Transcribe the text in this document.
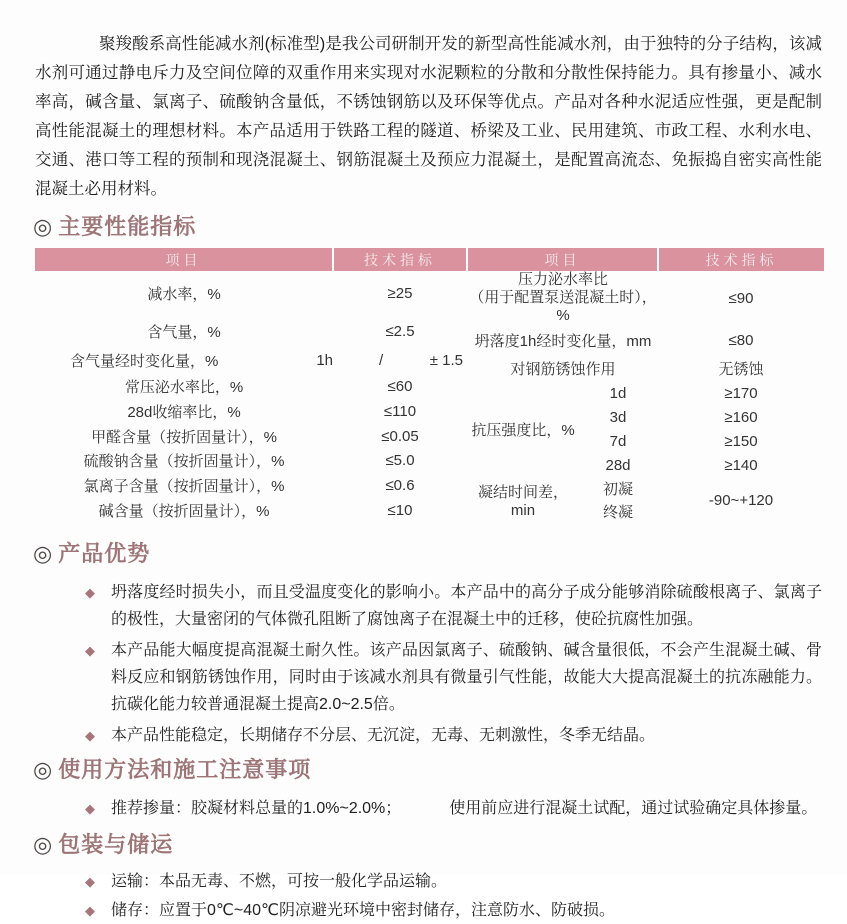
聚羧酸系高性能减水剂(标准型)是我公司研制开发的新型高性能减水剂，由于独特的分子结构，该减水剂可通过静电斥力及空间位障的双重作用来实现对水泥颗粒的分散和分散性保持能力。具有掺量小、减水率高，碱含量、氯离子、硫酸钠含量低，不锈蚀钢筋以及环保等优点。产品对各种水泥适应性强，更是配制高性能混凝土的理想材料。本产品适用于铁路工程的隧道、桥梁及工业、民用建筑、市政工程、水利水电、交通、港口等工程的预制和现浇混凝土、钢筋混凝土及预应力混凝土，是配置高流态、免振捣自密实高性能混凝土必用材料。

◎ 主要性能指标
项目	技术指标
减水率，%	≥25
含气量，%	≤2.5

含气量经时变化量，% 1h	/ ± 1.5

常压泌水率比，%	≤60
28d收缩率比，%	≤110
甲醛含量（按折固量计），%	≤0.05
硫酸钠含量（按折固量计），%	≤5.0
氯离子含量（按折固量计），%	≤0.6
碱含量（按折固量计），%	≤10
项目		技术指标

压力泌水率比
（用于配置泵送混凝土时），%		≤90
坍落度1h经时变化量，mm		≤80
对钢筋锈蚀作用		无锈蚀
抗压强度比，%	1d	≥170
	3d	≥160
	7d	≥150
	28d	≥140
凝结时间差，min	初凝	-90~+120
	终凝	
◎ 产品优势
◆	坍落度经时损失小，而且受温度变化的影响小。本产品中的高分子成分能够消除硫酸根离子、氯离子的极性，大量密闭的气体微孔阻断了腐蚀离子在混凝土中的迁移，使砼抗腐性加强。

◆	本产品能大幅度提高混凝土耐久性。该产品因氯离子、硫酸钠、碱含量很低，不会产生混凝土碱、骨料反应和钢筋锈蚀作用，同时由于该减水剂具有微量引气性能，故能大大提高混凝土的抗冻融能力。抗碳化能力较普通混凝土提高2.0~2.5倍。

◆	本产品性能稳定，长期储存不分层、无沉淀，无毒、无刺激性，冬季无结晶。

◎ 使用方法和施工注意事项
◆	推荐掺量：胶凝材料总量的1.0%~2.0%；	使用前应进行混凝土试配，通过试验确定具体掺量。

◎ 包装与储运
◆	运输：本品无毒、不燃，可按一般化学品运输。

◆	储存：应置于0℃~40℃阴凉避光环境中密封储存，注意防水、防破损。
